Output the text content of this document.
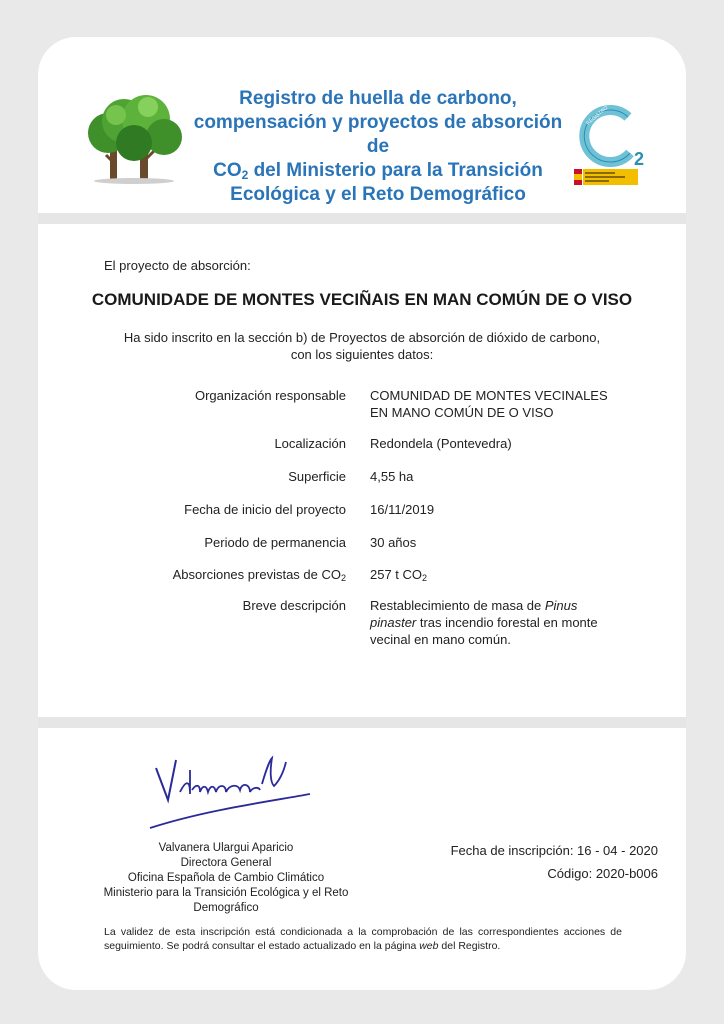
Registro de huella de carbono,
compensación y proyectos de absorción de
$CO_2$ del Ministerio para la Transición
Ecológica y el Reto Demográfico
2
REGISTRO
El proyecto de absorción:
COMUNIDADE DE MONTES VECIÑAIS EN MAN COMÚN DE O VISO
Ha sido inscrito en la sección b) de Proyectos de absorción de dióxido de carbono, con los siguientes datos:
Organización responsable COMUNIDAD DE MONTES VECINALES
EN MANO COMÚN DE O VISO
Localización Redondela (Pontevedra)
Superficie 4,55 ha
Fecha de inicio del proyecto 16/11/2019
Periodo de permanencia 30 años
Absorciones previstas de $CO_2$ 257 t $CO_2$
Breve descripción Restablecimiento de masa de Pinus pinaster tras incendio forestal en monte vecinal en mano común.
Valvanera Ulargui Aparicio
Directora General
Oficina Española de Cambio Climático
Ministerio para la Transición Ecológica y el Reto Demográfico
Fecha de inscripción: 16 - 04 - 2020
Código: 2020-b006
La validez de esta inscripción está condicionada a la comprobación de las correspondientes acciones de seguimiento. Se podrá consultar el estado actualizado en la página web del Registro.
